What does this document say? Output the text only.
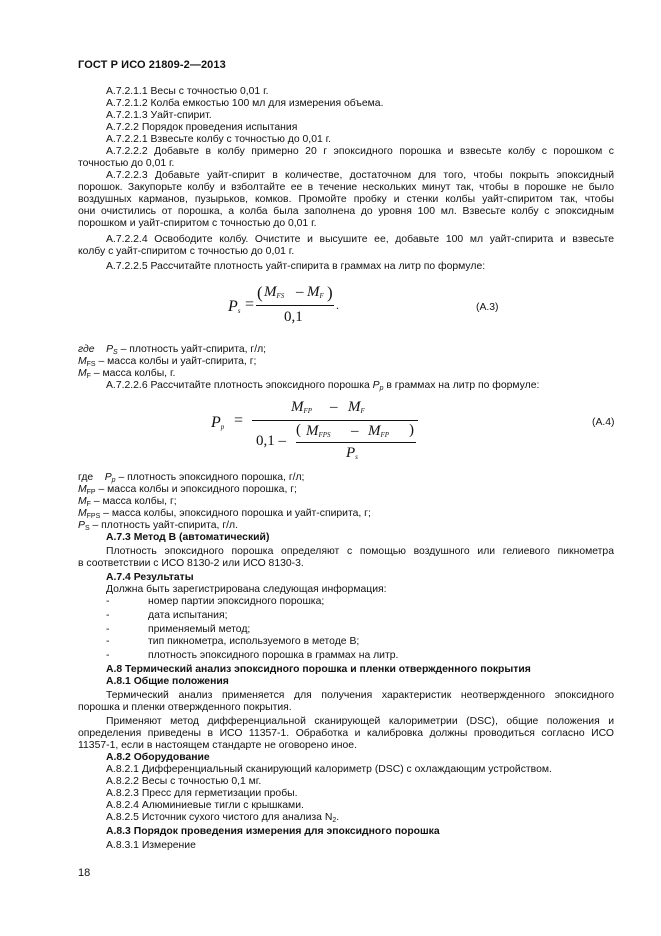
ГОСТ Р ИСО 21809-2—2013
А.7.2.1.1 Весы с точностью 0,01 г.
А.7.2.1.2 Колба емкостью 100 мл для измерения объема.
А.7.2.1.3 Уайт-спирит.
А.7.2.2 Порядок проведения испытания
А.7.2.2.1 Взвесьте колбу с точностью до 0,01 г.
А.7.2.2.2 Добавьте в колбу примерно 20 г эпоксидного порошка и взвесьте колбу с порошком с
точностью до 0,01 г.
А.7.2.2.3 Добавьте уайт-спирит в количестве, достаточном для того, чтобы покрыть эпоксидный
порошок. Закупорьте колбу и взболтайте ее в течение нескольких минут так, чтобы в порошке не было
воздушных карманов, пузырьков, комков. Промойте пробку и стенки колбы уайт-спиритом так, чтобы
они очистились от порошка, а колба была заполнена до уровня 100 мл. Взвесьте колбу с эпоксидным
порошком и уайт-спиритом с точностью до 0,01 г.
А.7.2.2.4 Освободите колбу. Очистите и высушите ее, добавьте 100 мл уайт-спирита и взвесьте
колбу с уайт-спиритом с точностью до 0,01 г.
А.7.2.2.5 Рассчитайте плотность уайт-спирита в граммах на литр по формуле:
$P_s$ =
( $M_{FS} - M_F$ )
0,1
.	(А.3)
где $P_S$ – плотность уайт-спирита, г/л;
$M_{FS}$ – масса колбы и уайт-спирита, г;
$M_F$ – масса колбы, г.
А.7.2.2.6 Рассчитайте плотность эпоксидного порошка $P_p$ в граммах на литр по формуле:
$P_p$ =
$M_{FP} - M_F$
0,1 –
( $M_{FPS} - M_{FP}$ )
$P_s$
(А.4)
где $P_p$ – плотность эпоксидного порошка, г/л;
$M_{FP}$ – масса колбы и эпоксидного порошка, г;
$M_F$ – масса колбы, г;
$M_{FPS}$ – масса колбы, эпоксидного порошка и уайт-спирита, г;
$P_S$ – плотность уайт-спирита, г/л.
А.7.3 Метод В (автоматический)
Плотность эпоксидного порошка определяют с помощью воздушного или гелиевого пикнометра
в соответствии с ИСО 8130-2 или ИСО 8130-3.
А.7.4 Результаты
Должна быть зарегистрирована следующая информация:
-	номер партии эпоксидного порошка;
-	дата испытания;
-	применяемый метод;
-	тип пикнометра, используемого в методе В;
-	плотность эпоксидного порошка в граммах на литр.
А.8 Термический анализ эпоксидного порошка и пленки отвержденного покрытия
А.8.1 Общие положения
Термический анализ применяется для получения характеристик неотвержденного эпоксидного
порошка и пленки отвержденного покрытия.
Применяют метод дифференциальной сканирующей калориметрии (DSC), общие положения и
определения приведены в ИСО 11357-1. Обработка и калибровка должны проводиться согласно ИСО
11357-1, если в настоящем стандарте не оговорено иное.
А.8.2 Оборудование
А.8.2.1 Дифференциальный сканирующий калориметр (DSC) с охлаждающим устройством.
А.8.2.2 Весы с точностью 0,1 мг.
А.8.2.3 Пресс для герметизации пробы.
А.8.2.4 Алюминиевые тигли с крышками.
А.8.2.5 Источник сухого чистого для анализа $N_2$.
А.8.3 Порядок проведения измерения для эпоксидного порошка
А.8.3.1 Измерение
18
